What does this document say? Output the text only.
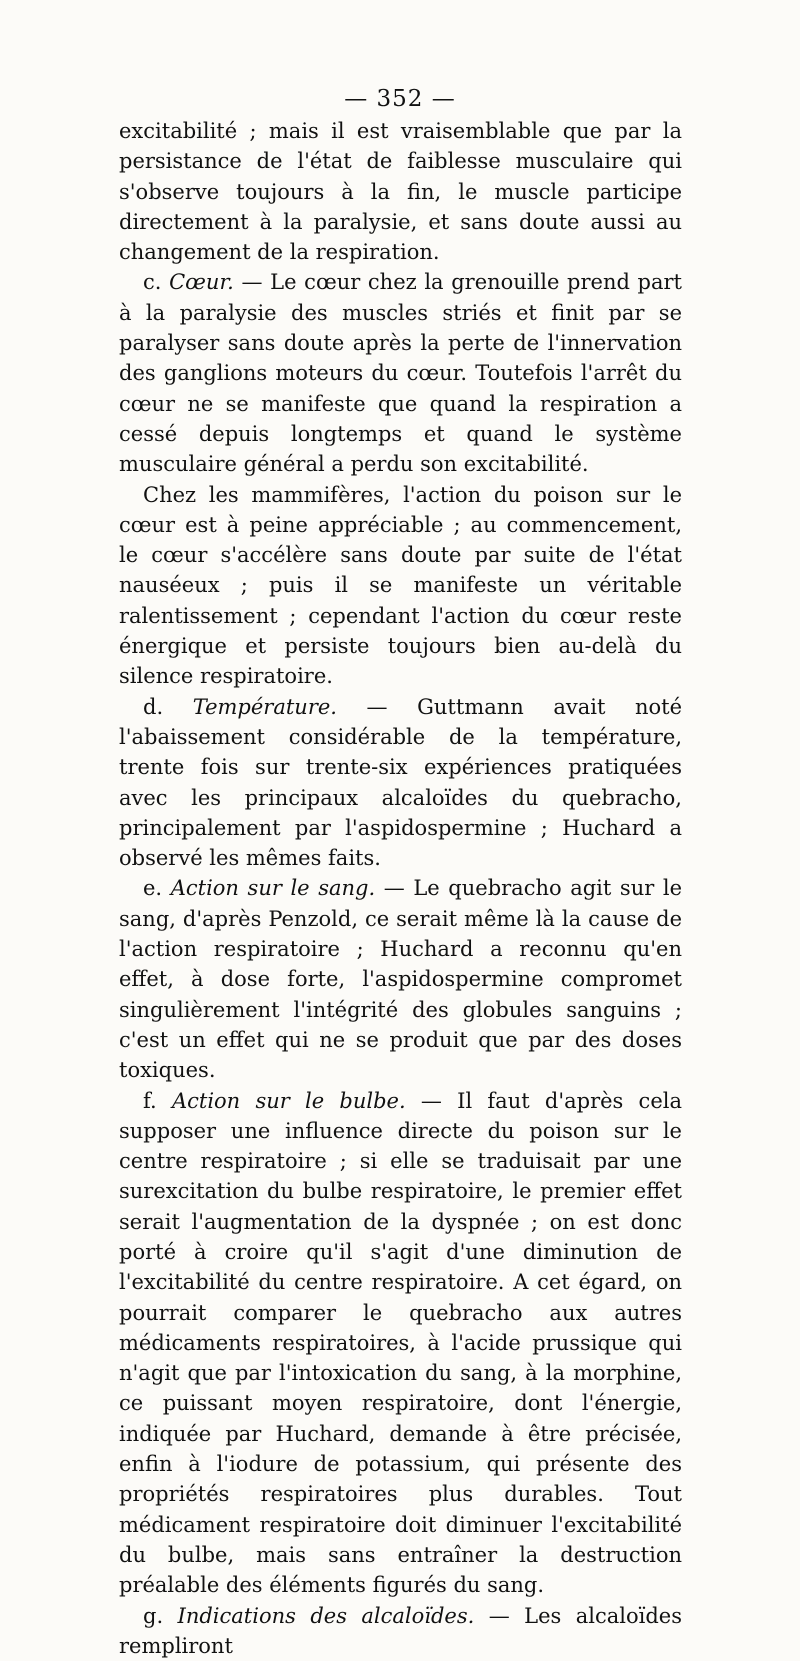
— 352 —

excitabilité ; mais il est vraisemblable que par la persistance de l'état de faiblesse musculaire qui s'observe toujours à la fin, le muscle participe directement à la paralysie, et sans doute aussi au changement de la respiration.

c. Cœur. — Le cœur chez la grenouille prend part à la paralysie des muscles striés et finit par se paralyser sans doute après la perte de l'innervation des ganglions moteurs du cœur. Toutefois l'arrêt du cœur ne se manifeste que quand la respiration a cessé depuis longtemps et quand le système musculaire général a perdu son excitabilité.

Chez les mammifères, l'action du poison sur le cœur est à peine appréciable ; au commencement, le cœur s'accélère sans doute par suite de l'état nauséeux ; puis il se manifeste un véritable ralentissement ; cependant l'action du cœur reste énergique et persiste toujours bien au-delà du silence respiratoire.

d. Température. — Guttmann avait noté l'abaissement considérable de la température, trente fois sur trente-six expériences pratiquées avec les principaux alcaloïdes du quebracho, principalement par l'aspidospermine ; Huchard a observé les mêmes faits.

e. Action sur le sang. — Le quebracho agit sur le sang, d'après Penzold, ce serait même là la cause de l'action respiratoire ; Huchard a reconnu qu'en effet, à dose forte, l'aspidospermine compromet singulièrement l'intégrité des globules sanguins ; c'est un effet qui ne se produit que par des doses toxiques.

f. Action sur le bulbe. — Il faut d'après cela supposer une influence directe du poison sur le centre respiratoire ; si elle se traduisait par une surexcitation du bulbe respiratoire, le premier effet serait l'augmentation de la dyspnée ; on est donc porté à croire qu'il s'agit d'une diminution de l'excitabilité du centre respiratoire. A cet égard, on pourrait comparer le quebracho aux autres médicaments respiratoires, à l'acide prussique qui n'agit que par l'intoxication du sang, à la morphine, ce puissant moyen respiratoire, dont l'énergie, indiquée par Huchard, demande à être précisée, enfin à l'iodure de potassium, qui présente des propriétés respiratoires plus durables. Tout médicament respiratoire doit diminuer l'excitabilité du bulbe, mais sans entraîner la destruction préalable des éléments figurés du sang.

g. Indications des alcaloïdes. — Les alcaloïdes rempliront
